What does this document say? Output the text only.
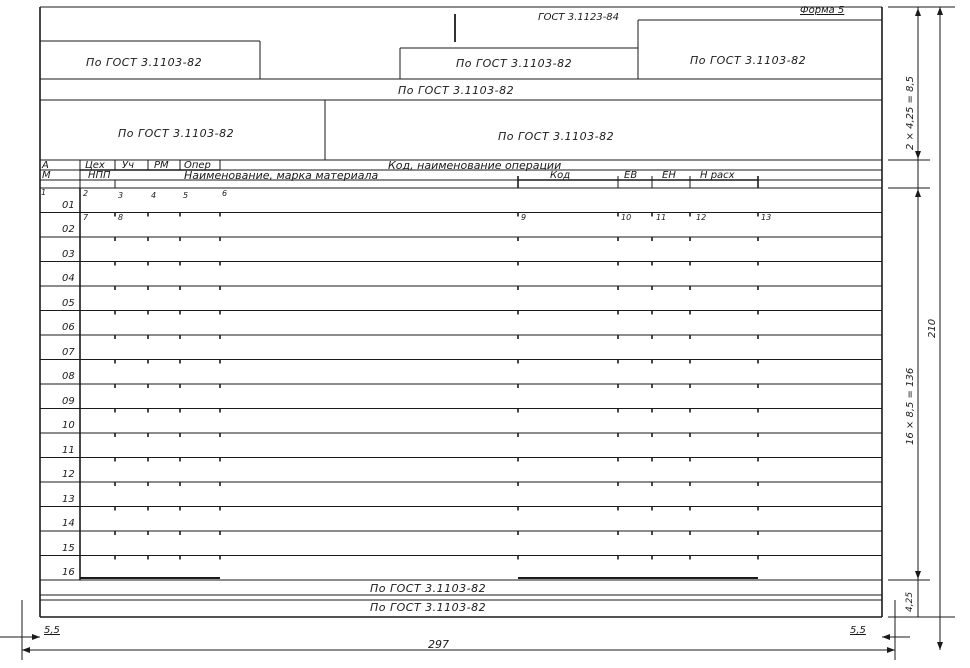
ГОСТ 3.1123-84
Форма 5
По ГОСТ 3.1103-82	По ГОСТ 3.1103-82	По ГОСТ 3.1103-82
По ГОСТ 3.1103-82
По ГОСТ 3.1103-82	По ГОСТ 3.1103-82
По ГОСТ 3.1103-82
По ГОСТ 3.1103-82
А	Цех Уч РМ Опер	Код, наименование операции
М	НПП	Наименование, марка материала	Код	ЕВ ЕН Н расх
1	2	3	4	5	6
7	8	9	10	11	12	13
01
02
03
04
05
06
07
08
09
10
11
12
13
14
15
16
5,5	5,5
297
210
2 × 4,25 = 8,5
16 × 8,5 = 136
4,25
